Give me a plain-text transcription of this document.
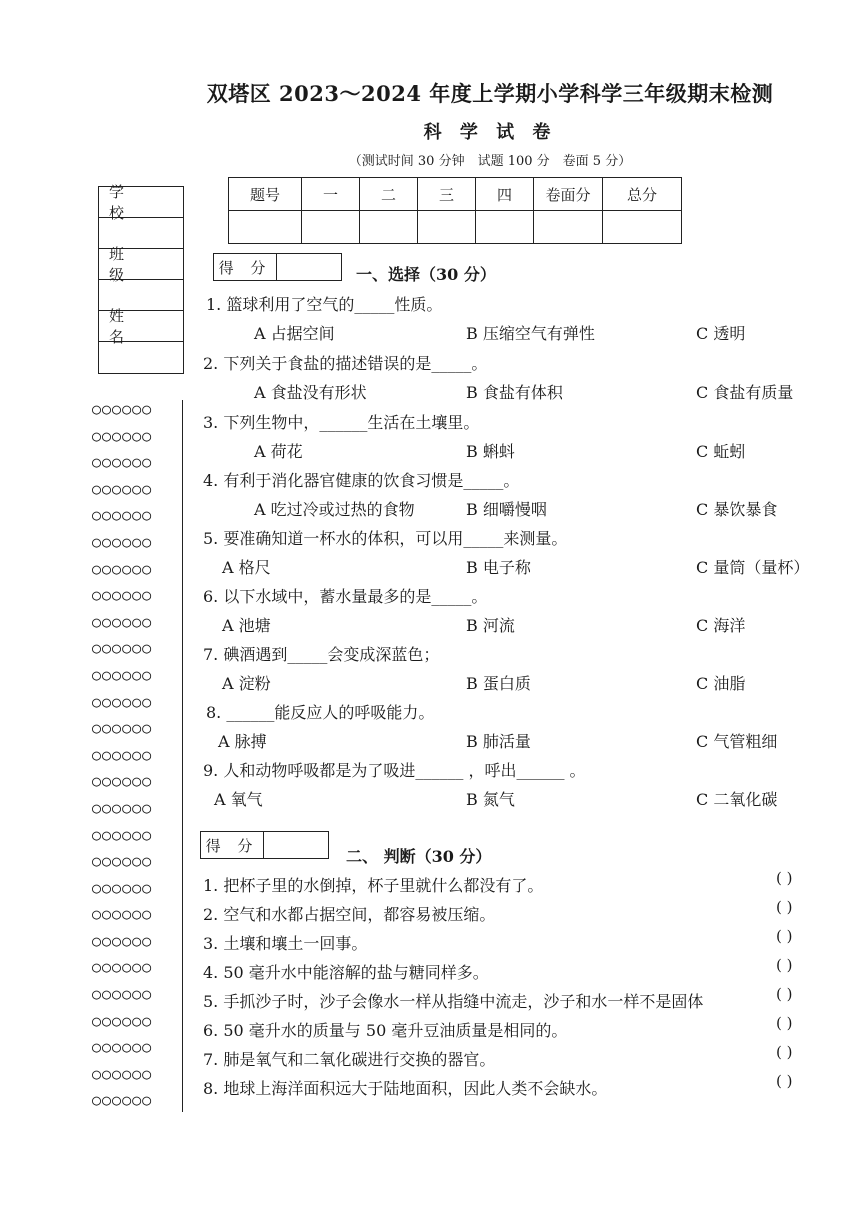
双塔区 2023～2024 年度上学期小学科学三年级期末检测
科 学 试 卷
（测试时间 30 分钟　试题 100 分　卷面 5 分）
学 校
班 级
姓 名
○○○○○○
○○○○○○
○○○○○○
○○○○○○
○○○○○○
○○○○○○
○○○○○○
○○○○○○
○○○○○○
○○○○○○
○○○○○○
○○○○○○
○○○○○○
○○○○○○
○○○○○○
○○○○○○
○○○○○○
○○○○○○
○○○○○○
○○○○○○
○○○○○○
○○○○○○
○○○○○○
○○○○○○
○○○○○○
○○○○○○
○○○○○○
题号	一	二	三	四	卷面分	总分

得 分	一、选择（30 分）
1. 篮球利用了空气的_____性质。
A 占据空间	B 压缩空气有弹性	C 透明
2. 下列关于食盐的描述错误的是_____。
A 食盐没有形状	B 食盐有体积	C 食盐有质量
3. 下列生物中，______生活在土壤里。
A 荷花	B 蝌蚪	C 蚯蚓
4. 有利于消化器官健康的饮食习惯是_____。
A 吃过冷或过热的食物	B 细嚼慢咽	C 暴饮暴食
5. 要准确知道一杯水的体积，可以用_____来测量。
A 格尺	B 电子称	C 量筒（量杯）
6. 以下水域中，蓄水量最多的是_____。
A 池塘	B 河流	C 海洋
7. 碘酒遇到_____会变成深蓝色；
A 淀粉	B 蛋白质	C 油脂
8. ______能反应人的呼吸能力。
A 脉搏	B 肺活量	C 气管粗细
9. 人和动物呼吸都是为了吸进______ ，呼出______ 。
A 氧气	B 氮气	C 二氧化碳
得 分
二、 判断（30 分）
1. 把杯子里的水倒掉，杯子里就什么都没有了。	( )
2. 空气和水都占据空间，都容易被压缩。	( )
3. 土壤和壤土一回事。	( )
4. 50 毫升水中能溶解的盐与糖同样多。	( )
5. 手抓沙子时，沙子会像水一样从指缝中流走，沙子和水一样不是固体	( )
6. 50 毫升水的质量与 50 毫升豆油质量是相同的。	( )
7. 肺是氧气和二氧化碳进行交换的器官。	( )
8. 地球上海洋面积远大于陆地面积，因此人类不会缺水。	( )
